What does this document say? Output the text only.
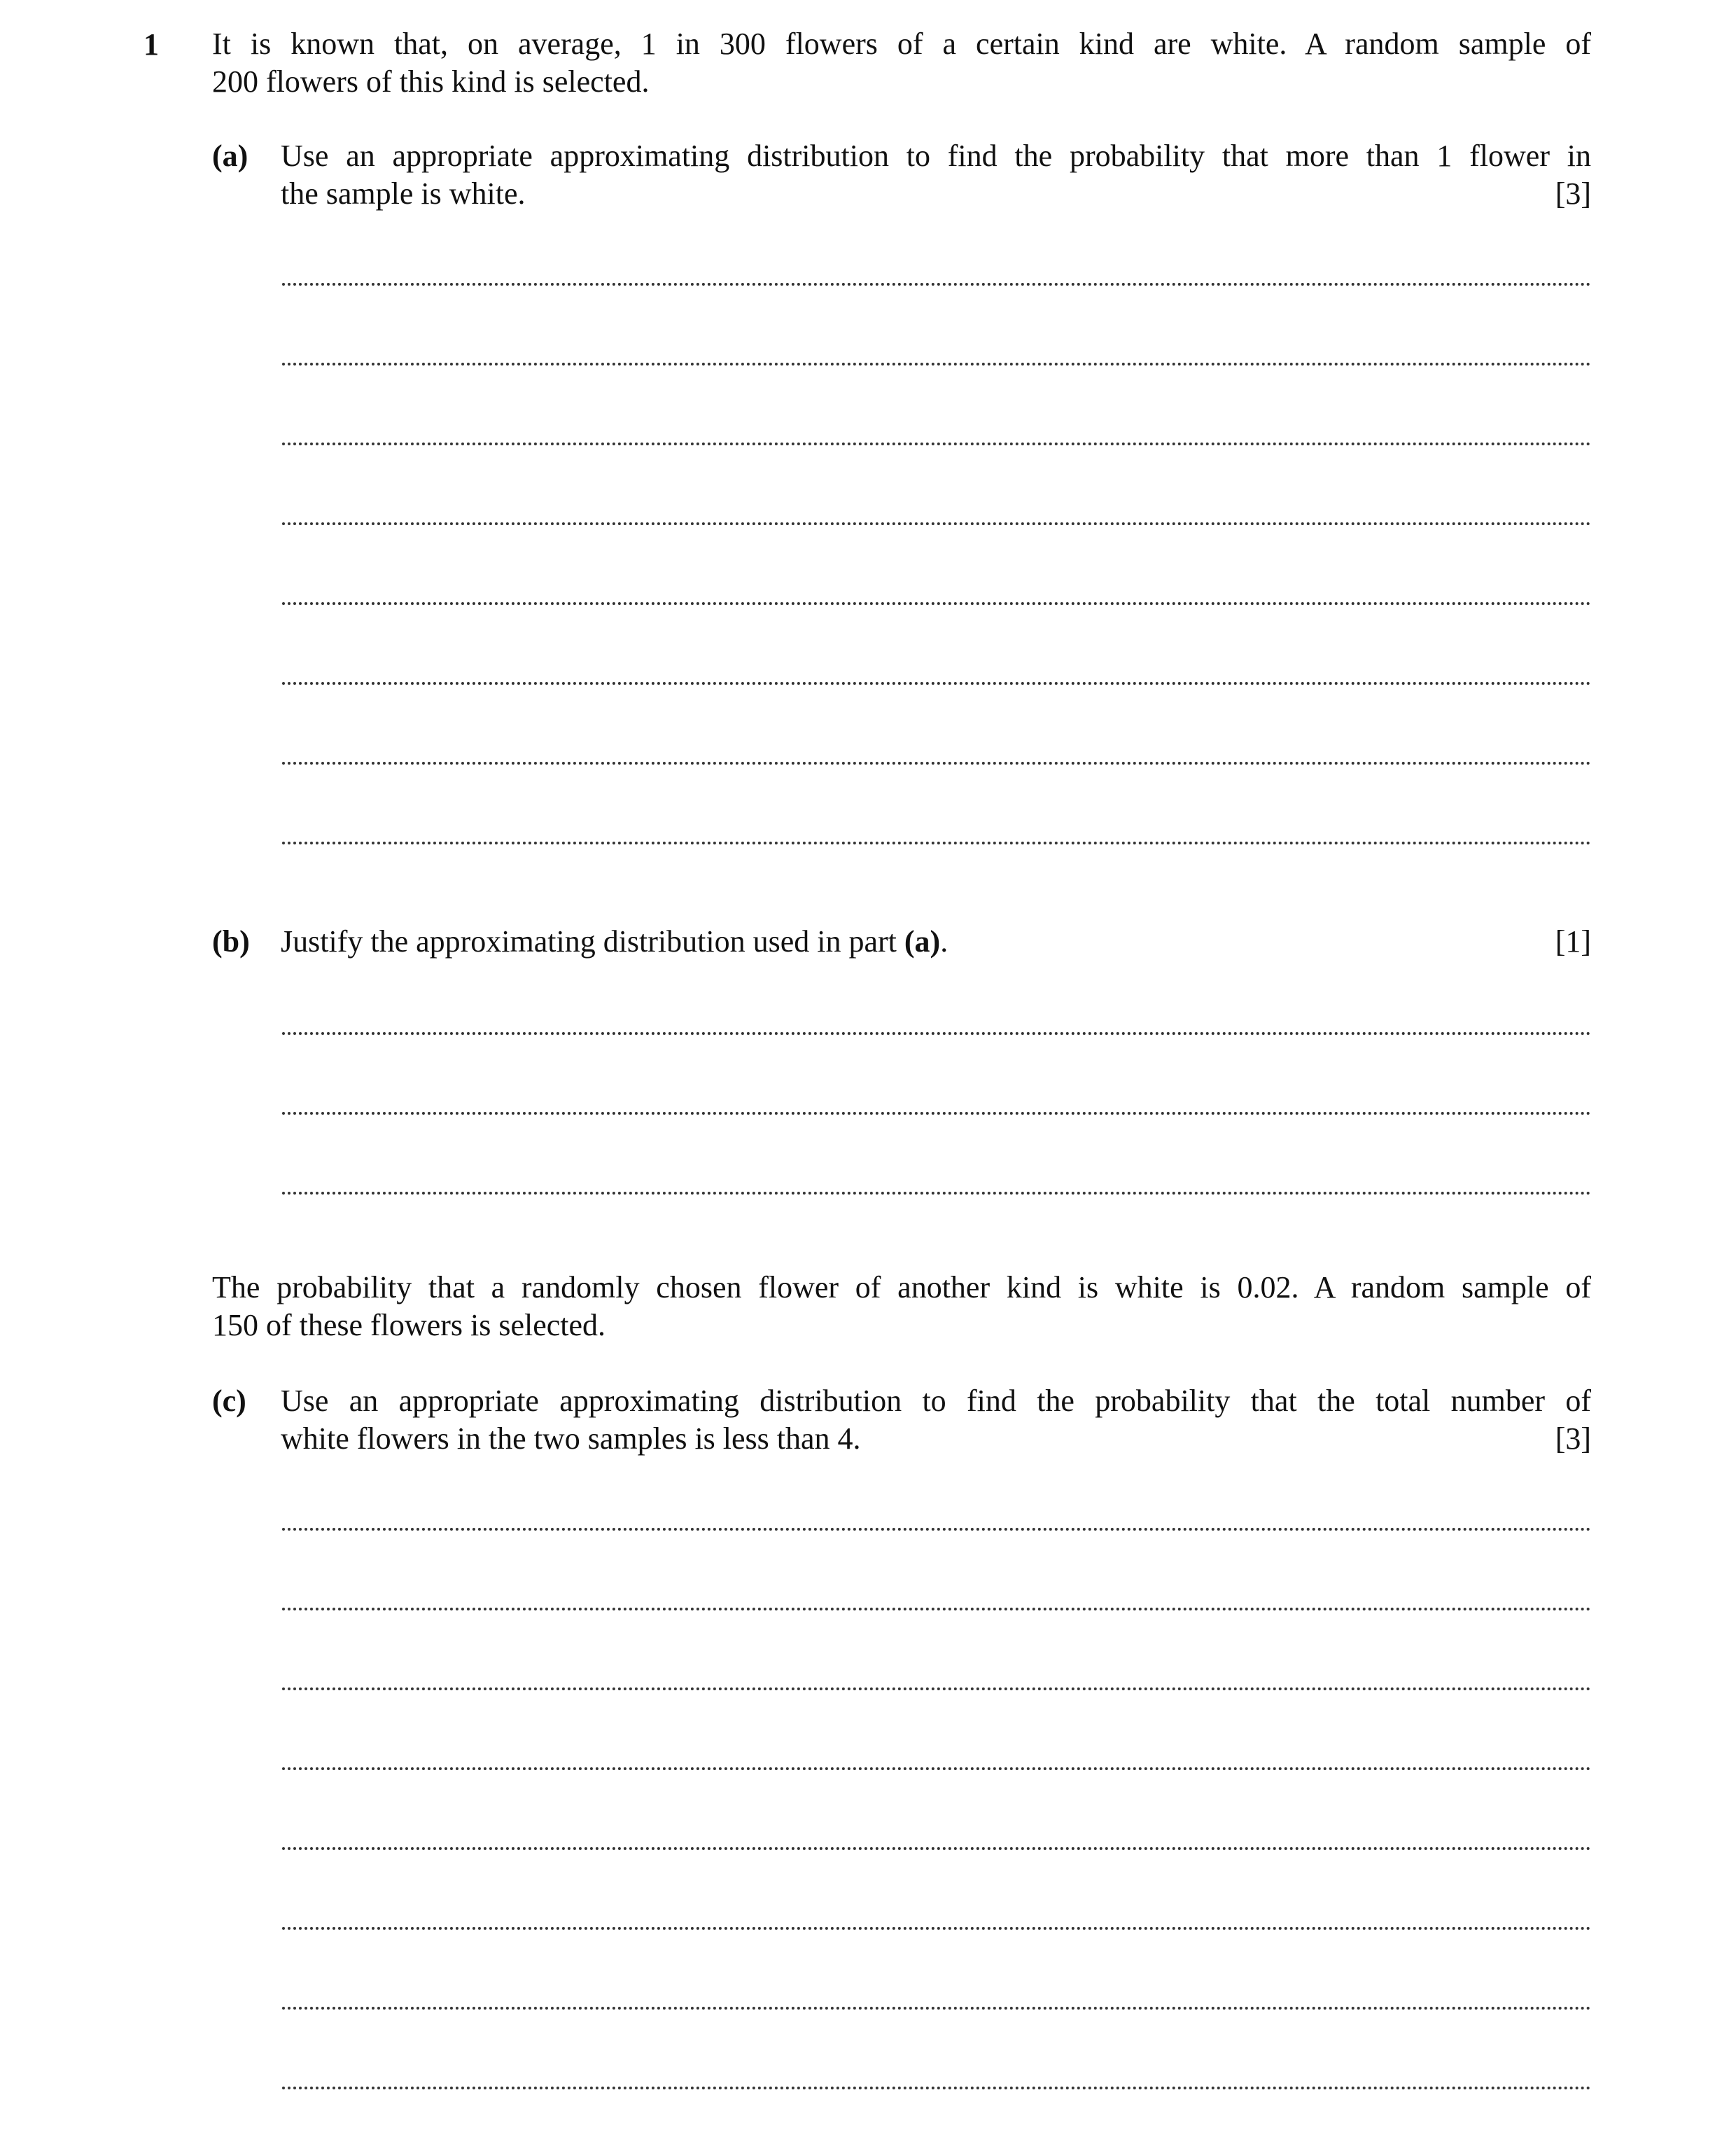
1 It is known that, on average, 1 in 300 flowers of a certain kind are white. A random sample of
200 flowers of this kind is selected.
(a) Use an appropriate approximating distribution to find the probability that more than 1 flower in
the sample is white.	[3]
(b) Justify the approximating distribution used in part (a).	[1]
The probability that a randomly chosen flower of another kind is white is 0.02. A random sample of
150 of these flowers is selected.
(c) Use an appropriate approximating distribution to find the probability that the total number of
white flowers in the two samples is less than 4.	[3]
